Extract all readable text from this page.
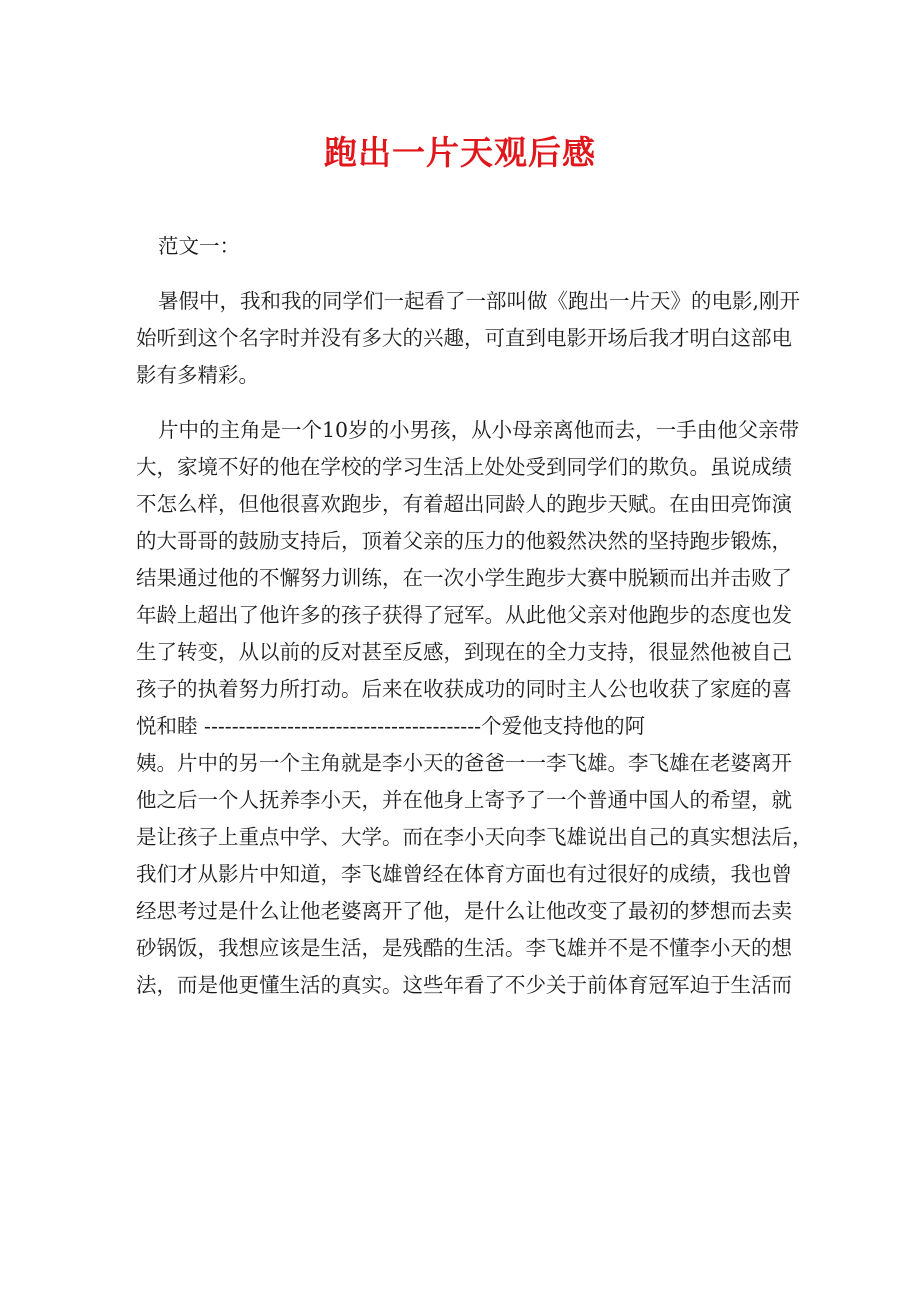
跑出一片天观后感
范文一：
暑假中，我和我的同学们一起看了一部叫做《跑出一片天》的电影,刚开
始听到这个名字时并没有多大的兴趣，可直到电影开场后我才明白这部电
影有多精彩。
片中的主角是一个10岁的小男孩，从小母亲离他而去，一手由他父亲带
大，家境不好的他在学校的学习生活上处处受到同学们的欺负。虽说成绩
不怎么样，但他很喜欢跑步，有着超出同龄人的跑步天赋。在由田亮饰演
的大哥哥的鼓励支持后，顶着父亲的压力的他毅然决然的坚持跑步锻炼，
结果通过他的不懈努力训练，在一次小学生跑步大赛中脱颖而出并击败了
年龄上超出了他许多的孩子获得了冠军。从此他父亲对他跑步的态度也发
生了转变，从以前的反对甚至反感，到现在的全力支持，很显然他被自己
孩子的执着努力所打动。后来在收获成功的同时主人公也收获了家庭的喜
悦和睦 ----------------------------------------个爱他支持他的阿
姨。片中的另一个主角就是李小天的爸爸一一李飞雄。李飞雄在老婆离开
他之后一个人抚养李小天，并在他身上寄予了一个普通中国人的希望，就
是让孩子上重点中学、大学。而在李小天向李飞雄说出自己的真实想法后，
我们才从影片中知道，李飞雄曾经在体育方面也有过很好的成绩，我也曾
经思考过是什么让他老婆离开了他，是什么让他改变了最初的梦想而去卖
砂锅饭，我想应该是生活，是残酷的生活。李飞雄并不是不懂李小天的想
法，而是他更懂生活的真实。这些年看了不少关于前体育冠军迫于生活而
